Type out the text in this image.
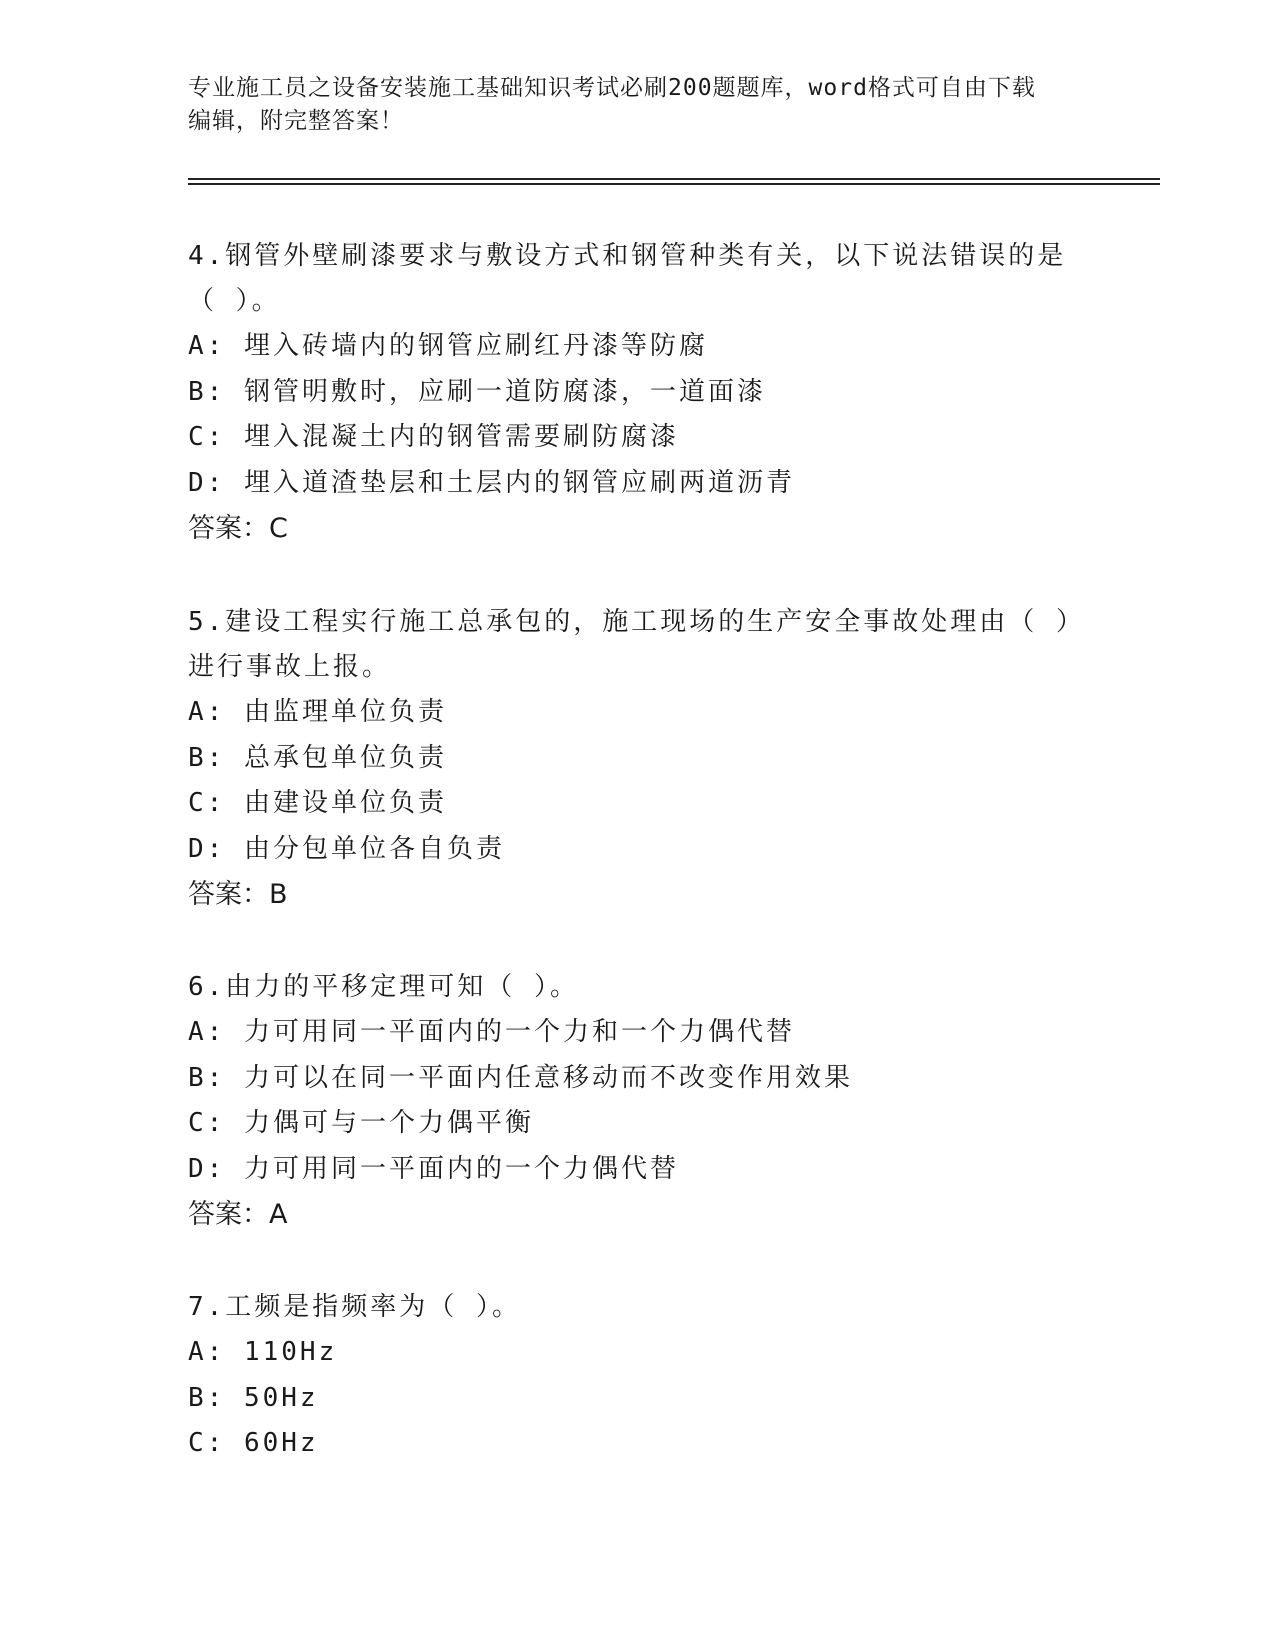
专业施工员之设备安装施工基础知识考试必刷200题题库，word格式可自由下载
编辑，附完整答案！

4.钢管外壁刷漆要求与敷设方式和钢管种类有关，以下说法错误的是

（ ）。

A: 埋入砖墙内的钢管应刷红丹漆等防腐

B: 钢管明敷时，应刷一道防腐漆，一道面漆

C: 埋入混凝土内的钢管需要刷防腐漆

D: 埋入道渣垫层和土层内的钢管应刷两道沥青

答案：C

5.建设工程实行施工总承包的，施工现场的生产安全事故处理由（ ）

进行事故上报。

A: 由监理单位负责

B: 总承包单位负责

C: 由建设单位负责

D: 由分包单位各自负责

答案：B

6.由力的平移定理可知（ ）。

A: 力可用同一平面内的一个力和一个力偶代替

B: 力可以在同一平面内任意移动而不改变作用效果

C: 力偶可与一个力偶平衡

D: 力可用同一平面内的一个力偶代替

答案：A

7.工频是指频率为（ ）。

A: 110Hz

B: 50Hz

C: 60Hz
